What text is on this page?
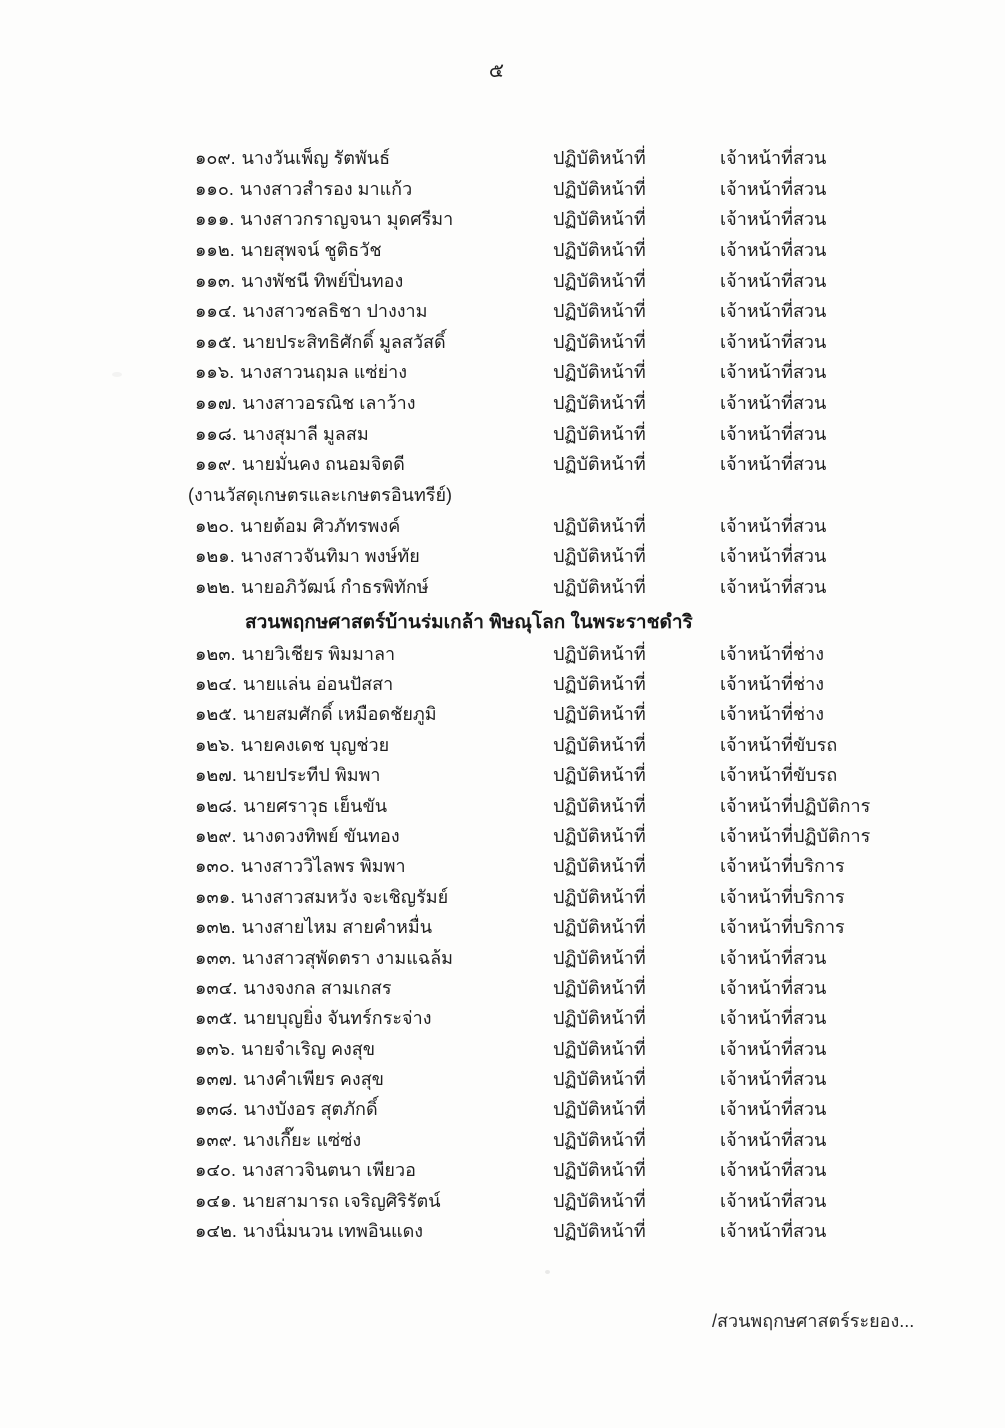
๕
๑๐๙. นางวันเพ็ญ รัตพันธ์	ปฏิบัติหน้าที่	เจ้าหน้าที่สวน
๑๑๐. นางสาวสำรอง มาแก้ว	ปฏิบัติหน้าที่	เจ้าหน้าที่สวน
๑๑๑. นางสาวกราญจนา มุดศรีมา	ปฏิบัติหน้าที่	เจ้าหน้าที่สวน
๑๑๒. นายสุพจน์ ชูติธวัช	ปฏิบัติหน้าที่	เจ้าหน้าที่สวน
๑๑๓. นางพัชนี ทิพย์ปิ่นทอง	ปฏิบัติหน้าที่	เจ้าหน้าที่สวน
๑๑๔. นางสาวชลธิชา ปางงาม	ปฏิบัติหน้าที่	เจ้าหน้าที่สวน
๑๑๕. นายประสิทธิศักดิ์ มูลสวัสดิ์	ปฏิบัติหน้าที่	เจ้าหน้าที่สวน
๑๑๖. นางสาวนฤมล แซ่ย่าง	ปฏิบัติหน้าที่	เจ้าหน้าที่สวน
๑๑๗. นางสาวอรณิช เลาว้าง	ปฏิบัติหน้าที่	เจ้าหน้าที่สวน
๑๑๘. นางสุมาลี มูลสม	ปฏิบัติหน้าที่	เจ้าหน้าที่สวน
๑๑๙. นายมั่นคง ถนอมจิตดี	ปฏิบัติหน้าที่	เจ้าหน้าที่สวน
(งานวัสดุเกษตรและเกษตรอินทรีย์)
๑๒๐. นายต้อม ศิวภัทรพงค์	ปฏิบัติหน้าที่	เจ้าหน้าที่สวน
๑๒๑. นางสาวจันทิมา พงษ์ทัย	ปฏิบัติหน้าที่	เจ้าหน้าที่สวน
๑๒๒. นายอภิวัฒน์ กำธรพิทักษ์	ปฏิบัติหน้าที่	เจ้าหน้าที่สวน
สวนพฤกษศาสตร์บ้านร่มเกล้า พิษณุโลก ในพระราชดำริ
๑๒๓. นายวิเชียร พิมมาลา	ปฏิบัติหน้าที่	เจ้าหน้าที่ช่าง
๑๒๔. นายแล่น อ่อนปัสสา	ปฏิบัติหน้าที่	เจ้าหน้าที่ช่าง
๑๒๕. นายสมศักดิ์ เหมือดชัยภูมิ	ปฏิบัติหน้าที่	เจ้าหน้าที่ช่าง
๑๒๖. นายคงเดช บุญช่วย	ปฏิบัติหน้าที่	เจ้าหน้าที่ขับรถ
๑๒๗. นายประทีป พิมพา	ปฏิบัติหน้าที่	เจ้าหน้าที่ขับรถ
๑๒๘. นายศราวุธ เย็นขัน	ปฏิบัติหน้าที่	เจ้าหน้าที่ปฏิบัติการ
๑๒๙. นางดวงทิพย์ ขันทอง	ปฏิบัติหน้าที่	เจ้าหน้าที่ปฏิบัติการ
๑๓๐. นางสาววิไลพร พิมพา	ปฏิบัติหน้าที่	เจ้าหน้าที่บริการ
๑๓๑. นางสาวสมหวัง จะเชิญรัมย์	ปฏิบัติหน้าที่	เจ้าหน้าที่บริการ
๑๓๒. นางสายไหม สายคำหมื่น	ปฏิบัติหน้าที่	เจ้าหน้าที่บริการ
๑๓๓. นางสาวสุพัดตรา งามแฉล้ม	ปฏิบัติหน้าที่	เจ้าหน้าที่สวน
๑๓๔. นางจงกล สามเกสร	ปฏิบัติหน้าที่	เจ้าหน้าที่สวน
๑๓๕. นายบุญยิ่ง จันทร์กระจ่าง	ปฏิบัติหน้าที่	เจ้าหน้าที่สวน
๑๓๖. นายจำเริญ คงสุข	ปฏิบัติหน้าที่	เจ้าหน้าที่สวน
๑๓๗. นางคำเพียร คงสุข	ปฏิบัติหน้าที่	เจ้าหน้าที่สวน
๑๓๘. นางบังอร สุตภักดิ์	ปฏิบัติหน้าที่	เจ้าหน้าที่สวน
๑๓๙. นางเกี๊ยะ แซ่ซ่ง	ปฏิบัติหน้าที่	เจ้าหน้าที่สวน
๑๔๐. นางสาวจินตนา เพียวอ	ปฏิบัติหน้าที่	เจ้าหน้าที่สวน
๑๔๑. นายสามารถ เจริญศิริรัตน์	ปฏิบัติหน้าที่	เจ้าหน้าที่สวน
๑๔๒. นางนิ่มนวน เทพอินแดง	ปฏิบัติหน้าที่	เจ้าหน้าที่สวน
/สวนพฤกษศาสตร์ระยอง...
